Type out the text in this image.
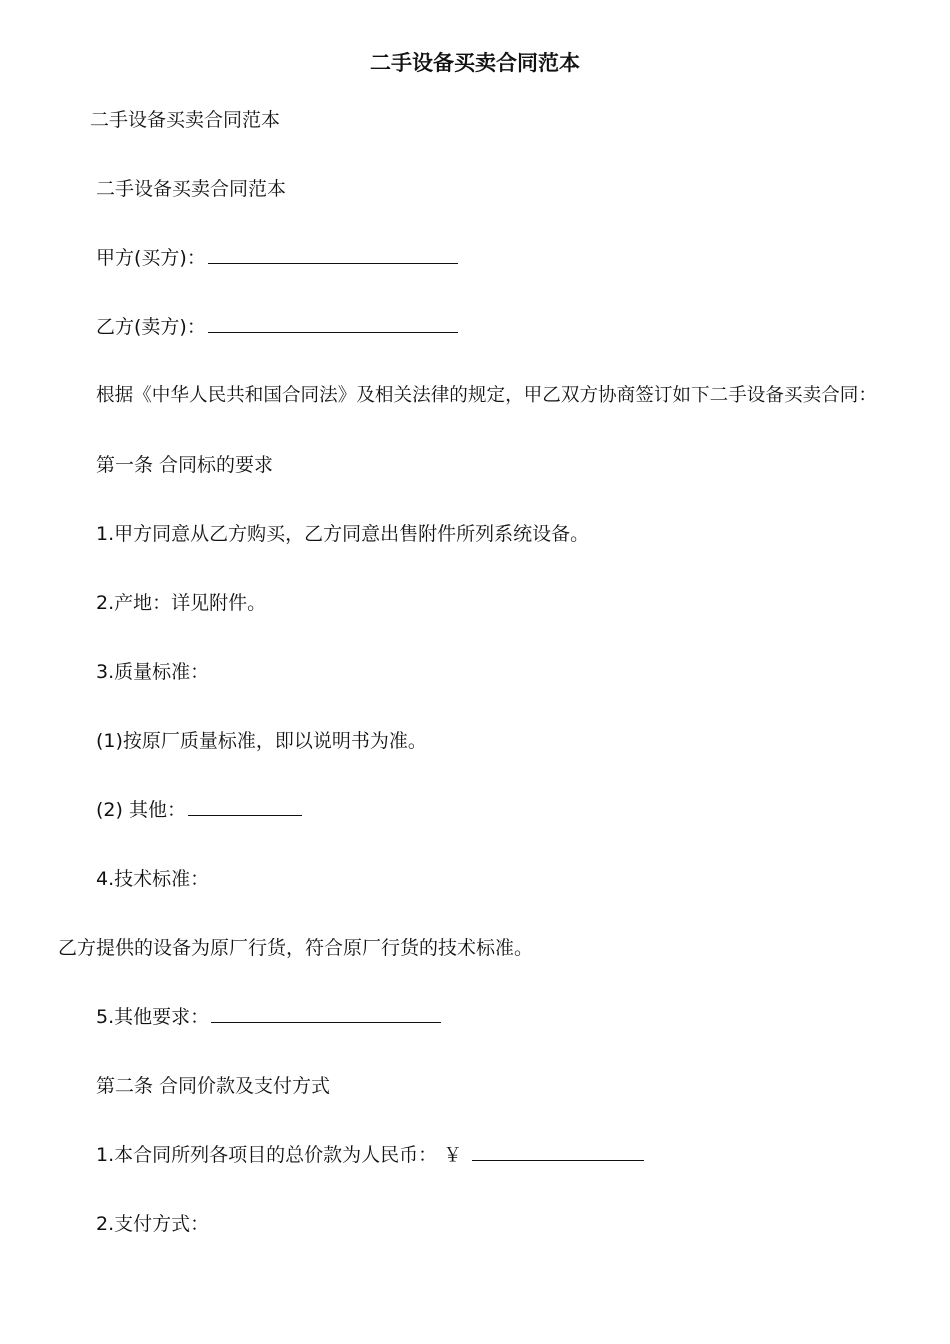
二手设备买卖合同范本
二手设备买卖合同范本
二手设备买卖合同范本
甲方(买方)：
乙方(卖方)：
根据《中华人民共和国合同法》及相关法律的规定，甲乙双方协商签订如下二手设备买卖合同：
第一条 合同标的要求
1.甲方同意从乙方购买，乙方同意出售附件所列系统设备。
2.产地：详见附件。
3.质量标准：
(1)按原厂质量标准，即以说明书为准。
(2) 其他：
4.技术标准：
乙方提供的设备为原厂行货，符合原厂行货的技术标准。
5.其他要求：
第二条 合同价款及支付方式
1.本合同所列各项目的总价款为人民币： ￥
2.支付方式：
